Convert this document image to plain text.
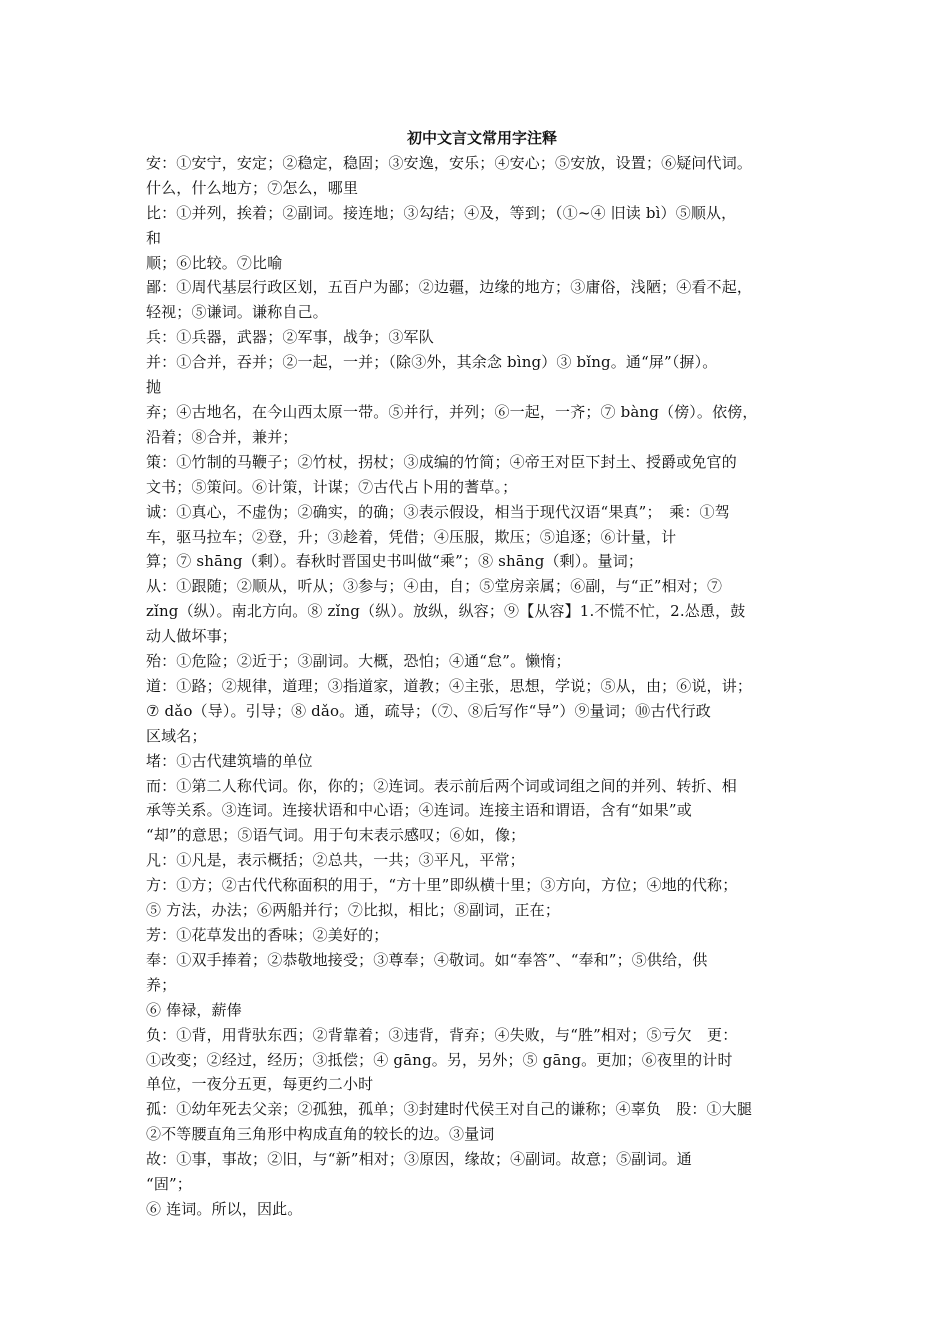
初中文言文常用字注释

安：①安宁，安定；②稳定，稳固；③安逸，安乐；④安心；⑤安放，设置；⑥疑问代词。

什么，什么地方；⑦怎么，哪里

比：①并列，挨着；②副词。接连地；③勾结；④及，等到；（①~④ 旧读 bì）⑤顺从，

和

顺；⑥比较。⑦比喻

鄙：①周代基层行政区划，五百户为鄙；②边疆，边缘的地方；③庸俗，浅陋；④看不起，

轻视；⑤谦词。谦称自己。

兵：①兵器，武器；②军事，战争；③军队

并：①合并，吞并；②一起，一并；（除③外，其余念 bìng）③ bǐng。通“屏”（摒）。

抛

弃；④古地名，在今山西太原一带。⑤并行，并列；⑥一起，一齐；⑦ bàng（傍）。依傍，

沿着；⑧合并，兼并；

策：①竹制的马鞭子；②竹杖，拐杖；③成编的竹简；④帝王对臣下封土、授爵或免官的

文书；⑤策问。⑥计策，计谋；⑦古代占卜用的蓍草。；

诚：①真心，不虚伪；②确实，的确；③表示假设，相当于现代汉语“果真”；　乘：①驾

车，驱马拉车；②登，升；③趁着，凭借；④压服，欺压；⑤追逐；⑥计量，计

算；⑦ shāng（剩）。春秋时晋国史书叫做“乘”；⑧ shāng（剩）。量词；

从：①跟随；②顺从，听从；③参与；④由，自；⑤堂房亲属；⑥副，与“正”相对；⑦

zǐng（纵）。南北方向。⑧ zǐng（纵）。放纵，纵容；⑨【从容】1.不慌不忙，2.怂恿，鼓

动人做坏事；

殆：①危险；②近于；③副词。大概，恐怕；④通“怠”。懒惰；

道：①路；②规律，道理；③指道家，道教；④主张，思想，学说；⑤从，由；⑥说，讲；

⑦ dǎo（导）。引导；⑧ dǎo。通，疏导；（⑦、⑧后写作“导”）⑨量词；⑩古代行政

区域名；

堵：①古代建筑墙的单位

而：①第二人称代词。你，你的；②连词。表示前后两个词或词组之间的并列、转折、相

承等关系。③连词。连接状语和中心语；④连词。连接主语和谓语，含有“如果”或

“却”的意思；⑤语气词。用于句末表示感叹；⑥如，像；

凡：①凡是，表示概括；②总共，一共；③平凡，平常；

方：①方；②古代代称面积的用于，“方十里”即纵横十里；③方向，方位；④地的代称；

⑤ 方法，办法；⑥两船并行；⑦比拟，相比；⑧副词，正在；

芳：①花草发出的香味；②美好的；

奉：①双手捧着；②恭敬地接受；③尊奉；④敬词。如“奉答”、“奉和”；⑤供给，供

养；

⑥ 俸禄，薪俸

负：①背，用背驮东西；②背靠着；③违背，背弃；④失败，与“胜”相对；⑤亏欠　更：

①改变；②经过，经历；③抵偿；④ gāng。另，另外；⑤ gāng。更加；⑥夜里的计时

单位，一夜分五更，每更约二小时

孤：①幼年死去父亲；②孤独，孤单；③封建时代侯王对自己的谦称；④辜负　股：①大腿

②不等腰直角三角形中构成直角的较长的边。③量词

故：①事，事故；②旧，与“新”相对；③原因，缘故；④副词。故意；⑤副词。通

“固”；

⑥ 连词。所以，因此。
